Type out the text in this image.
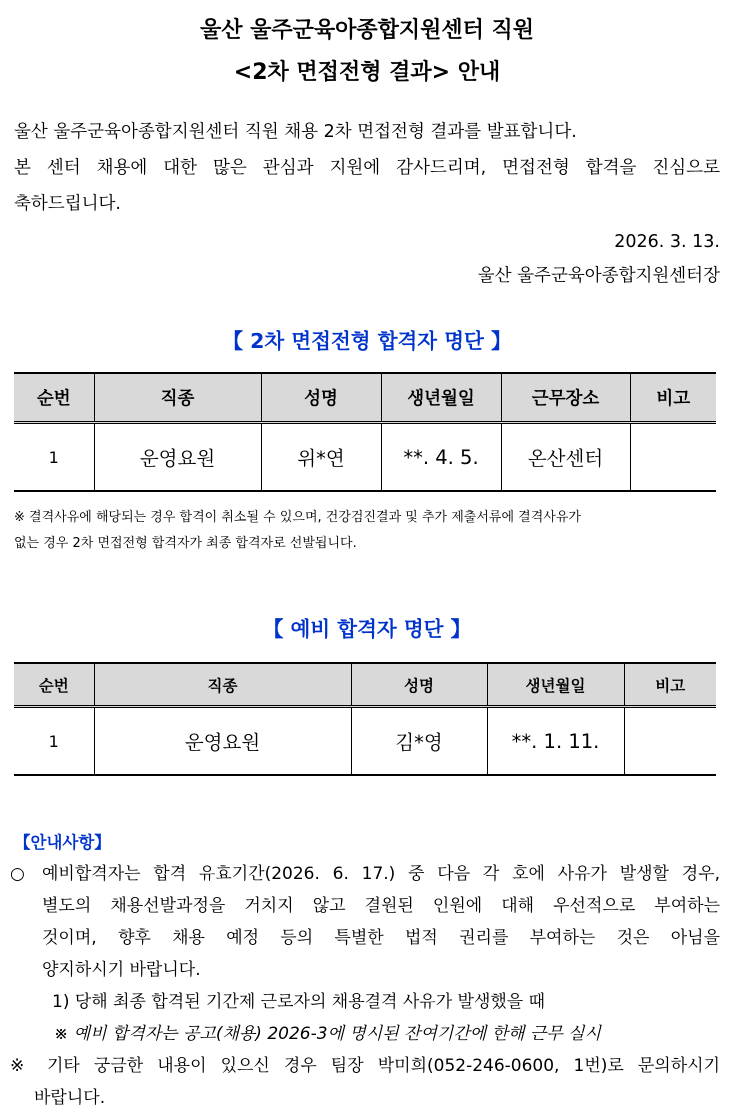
울산 울주군육아종합지원센터 직원
<2차 면접전형 결과> 안내
울산 울주군육아종합지원센터 직원 채용 2차 면접전형 결과를 발표합니다.
본 센터 채용에 대한 많은 관심과 지원에 감사드리며, 면접전형 합격을 진심으로
축하드립니다.
2026. 3. 13.
울산 울주군육아종합지원센터장
【 2차 면접전형 합격자 명단 】
순번	직종	성명	생년월일	근무장소	비고
1	운영요원	위*연	**. 4. 5.	온산센터	
※ 결격사유에 해당되는 경우 합격이 취소될 수 있으며, 건강검진결과 및 추가 제출서류에 결격사유가
없는 경우 2차 면접전형 합격자가 최종 합격자로 선발됩니다.
【 예비 합격자 명단 】
순번	직종	성명	생년월일	비고
1	운영요원	김*영	**. 1. 11.	
【안내사항】
○ 예비합격자는 합격 유효기간(2026. 6. 17.) 중 다음 각 호에 사유가 발생할 경우,
별도의 채용선발과정을 거치지 않고 결원된 인원에 대해 우선적으로 부여하는
것이며, 향후 채용 예정 등의 특별한 법적 권리를 부여하는 것은 아님을
양지하시기 바랍니다.
1) 당해 최종 합격된 기간제 근로자의 채용결격 사유가 발생했을 때
※ 예비 합격자는 공고(채용) 2026-3에 명시된 잔여기간에 한해 근무 실시
※ 기타 궁금한 내용이 있으신 경우 팀장 박미희(052-246-0600, 1번)로 문의하시기
바랍니다.
